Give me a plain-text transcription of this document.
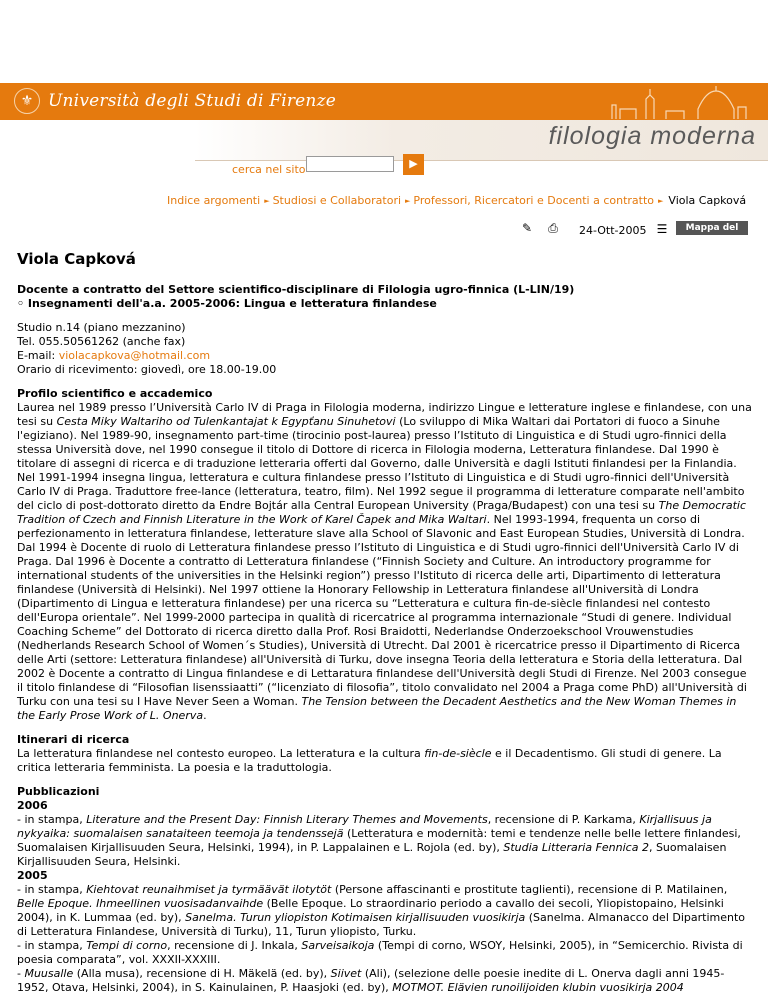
⚜ Università degli Studi di Firenze
filologia moderna
cerca nel sito	▶
Indice argomenti ► Studiosi e Collaboratori ► Professori, Ricercatori e Docenti a contratto ► Viola Capková
✎ ⎙ 24-Ott-2005 ☰	Mappa del sito
Viola Capková

Docente a contratto del Settore scientifico-disciplinare di Filologia ugro-finnica (L-LIN/19)
◦ Insegnamenti dell'a.a. 2005-2006: Lingua e letteratura finlandese

Studio n.14 (piano mezzanino)
Tel. 055.50561262 (anche fax)
E-mail: violacapkova@hotmail.com
Orario di ricevimento: giovedì, ore 18.00-19.00

Profilo scientifico e accademico
Laurea nel 1989 presso l’Università Carlo IV di Praga in Filologia moderna, indirizzo Lingue e letterature inglese e finlandese, con una tesi su Cesta Miky Waltariho od Tulenkantajat k Egypťanu Sinuhetovi (Lo sviluppo di Mika Waltari dai Portatori di fuoco a Sinuhe l'egiziano). Nel 1989-90, insegnamento part-time (tirocinio post-laurea) presso l’Istituto di Linguistica e di Studi ugro-finnici della stessa Università dove, nel 1990 consegue il titolo di Dottore di ricerca in Filologia moderna, Letteratura finlandese. Dal 1990 è titolare di assegni di ricerca e di traduzione letteraria offerti dal Governo, dalle Università e dagli Istituti finlandesi per la Finlandia. Nel 1991-1994 insegna lingua, letteratura e cultura finlandese presso l’Istituto di Linguistica e di Studi ugro-finnici dell'Università Carlo IV di Praga. Traduttore free-lance (letteratura, teatro, film). Nel 1992 segue il programma di letterature comparate nell'ambito del ciclo di post-dottorato diretto da Endre Bojtár alla Central European University (Praga/Budapest) con una tesi su The Democratic Tradition of Czech and Finnish Literature in the Work of Karel Čapek and Mika Waltari. Nel 1993-1994, frequenta un corso di perfezionamento in letteratura finlandese, letterature slave alla School of Slavonic and East European Studies, Università di Londra. Dal 1994 è Docente di ruolo di Letteratura finlandese presso l’Istituto di Linguistica e di Studi ugro-finnici dell'Università Carlo IV di Praga. Dal 1996 è Docente a contratto di Letteratura finlandese (“Finnish Society and Culture. An introductory programme for international students of the universities in the Helsinki region”) presso l'Istituto di ricerca delle arti, Dipartimento di letteratura finlandese (Università di Helsinki). Nel 1997 ottiene la Honorary Fellowship in Letteratura finlandese all'Università di Londra (Dipartimento di Lingua e letteratura finlandese) per una ricerca su “Letteratura e cultura fin-de-siècle finlandesi nel contesto dell'Europa orientale”. Nel 1999-2000 partecipa in qualità di ricercatrice al programma internazionale “Studi di genere. Individual Coaching Scheme” del Dottorato di ricerca diretto dalla Prof. Rosi Braidotti, Nederlandse Onderzoekschool Vrouwenstudies (Nedherlands Research School of Women´s Studies), Università di Utrecht. Dal 2001 è ricercatrice presso il Dipartimento di Ricerca delle Arti (settore: Letteratura finlandese) all'Università di Turku, dove insegna Teoria della letteratura e Storia della letteratura. Dal 2002 è Docente a contratto di Lingua finlandese e di Lettaratura finlandese dell'Università degli Studi di Firenze. Nel 2003 consegue il titolo finlandese di “Filosofian lisenssiaatti” (“licenziato di filosofia”, titolo convalidato nel 2004 a Praga come PhD) all'Università di Turku con una tesi su I Have Never Seen a Woman. The Tension between the Decadent Aesthetics and the New Woman Themes in the Early Prose Work of L. Onerva.

Itinerari di ricerca
La letteratura finlandese nel contesto europeo. La letteratura e la cultura fin-de-siècle e il Decadentismo. Gli studi di genere. La critica letteraria femminista. La poesia e la traduttologia.

Pubblicazioni
2006
- in stampa, Literature and the Present Day: Finnish Literary Themes and Movements, recensione di P. Karkama, Kirjallisuus ja nykyaika: suomalaisen sanataiteen teemoja ja tendenssejä (Letteratura e modernità: temi e tendenze nelle belle lettere finlandesi, Suomalaisen Kirjallisuuden Seura, Helsinki, 1994), in P. Lappalainen e L. Rojola (ed. by), Studia Litteraria Fennica 2, Suomalaisen Kirjallisuuden Seura, Helsinki.
2005
- in stampa, Kiehtovat reunaihmiset ja tyrmäävät ilotytöt (Persone affascinanti e prostitute taglienti), recensione di P. Matilainen, Belle Epoque. Ihmeellinen vuosisadanvaihde (Belle Epoque. Lo straordinario periodo a cavallo dei secoli, Yliopistopaino, Helsinki 2004), in K. Lummaa (ed. by), Sanelma. Turun yliopiston Kotimaisen kirjallisuuden vuosikirja (Sanelma. Almanacco del Dipartimento di Letteratura Finlandese, Università di Turku), 11, Turun yliopisto, Turku.
- in stampa, Tempi di corno, recensione di J. Inkala, Sarveisaikoja (Tempi di corno, WSOY, Helsinki, 2005), in “Semicerchio. Rivista di poesia comparata”, vol. XXXII-XXXIII.
- Muusalle (Alla musa), recensione di H. Mäkelä (ed. by), Siivet (Ali), (selezione delle poesie inedite di L. Onerva dagli anni 1945-1952, Otava, Helsinki, 2004), in S. Kainulainen, P. Haasjoki (ed. by), MOTMOT. Elävien runoilijoiden klubin vuosikirja 2004
